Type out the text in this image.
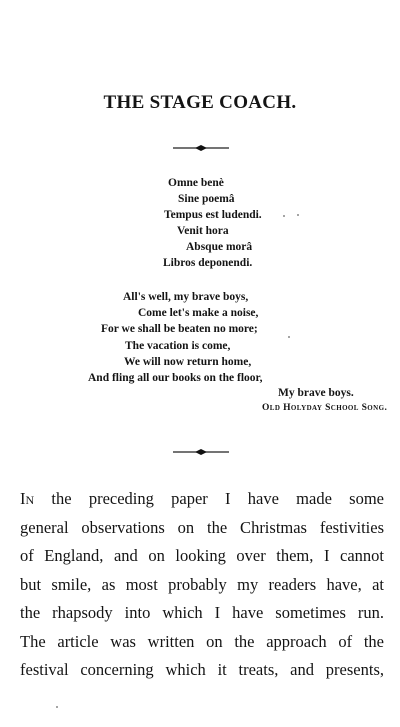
THE STAGE COACH.
Omne benè
Sine poemâ
Tempus est ludendi.
Venit hora
Absque morâ
Libros deponendi.
All's well, my brave boys,
Come let's make a noise,
For we shall be beaten no more;
The vacation is come,
We will now return home,
And fling all our books on the floor,
My brave boys.
Old Holyday School Song.
In the preceding paper I have made some
general observations on the Christmas festivities
of England, and on looking over them, I cannot
but smile, as most probably my readers have, at
the rhapsody into which I have sometimes run.
The article was written on the approach of the
festival concerning which it treats, and presents,
